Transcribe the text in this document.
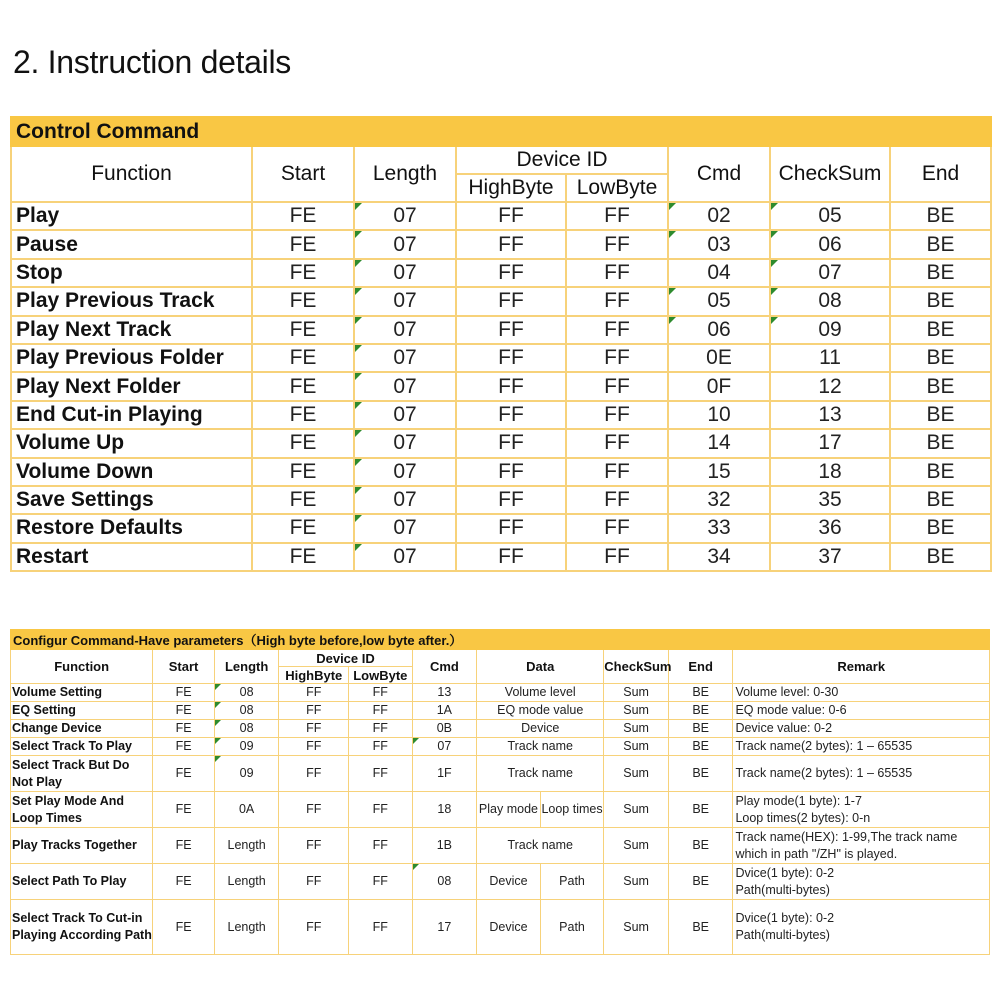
2. Instruction details
Control Command							
Function	Start	Length	Device ID		Cmd	CheckSum	End
			HighByte	LowByte			
Play	FE	07	FF	FF	02	05	BE
Pause	FE	07	FF	FF	03	06	BE
Stop	FE	07	FF	FF	04	07	BE
Play Previous Track	FE	07	FF	FF	05	08	BE
Play Next Track	FE	07	FF	FF	06	09	BE
Play Previous Folder	FE	07	FF	FF	0E	11	BE
Play Next Folder	FE	07	FF	FF	0F	12	BE
End Cut-in Playing	FE	07	FF	FF	10	13	BE
Volume Up	FE	07	FF	FF	14	17	BE
Volume Down	FE	07	FF	FF	15	18	BE
Save Settings	FE	07	FF	FF	32	35	BE
Restore Defaults	FE	07	FF	FF	33	36	BE
Restart	FE	07	FF	FF	34	37	BE
Configur Command-Have parameters（High byte before,low byte after.）										
Function	Start	Length	Device ID		Cmd	Data		CheckSum	End	Remark
			HighByte	LowByte						
Volume Setting	FE	08	FF	FF	13	Volume level		Sum	BE	Volume level: 0-30

EQ Setting	FE	08	FF	FF	1A	EQ mode value		Sum	BE	EQ mode value: 0-6

Change Device	FE	08	FF	FF	0B	Device		Sum	BE	Device value: 0-2

Select Track To Play	FE	09	FF	FF	07	Track name		Sum	BE	Track name(2 bytes): 1 – 65535

Select Track But Do Not Play	FE	09	FF	FF	1F	Track name		Sum	BE	Track name(2 bytes): 1 – 65535

Set Play Mode And Loop Times	FE	0A	FF	FF	18	Play mode	Loop times	Sum	BE	Play mode(1 byte): 1-7
Loop times(2 bytes): 0-n

Play Tracks Together	FE	Length	FF	FF	1B	Track name		Sum	BE	Track name(HEX): 1-99,The track name
which in path "/ZH" is played.

Select Path To Play	FE	Length	FF	FF	08	Device	Path	Sum	BE	Dvice(1 byte): 0-2
Path(multi-bytes)

Select Track To Cut-in Playing According Path	FE	Length	FF	FF	17	Device	Path	Sum	BE	Dvice(1 byte): 0-2
Path(multi-bytes)
